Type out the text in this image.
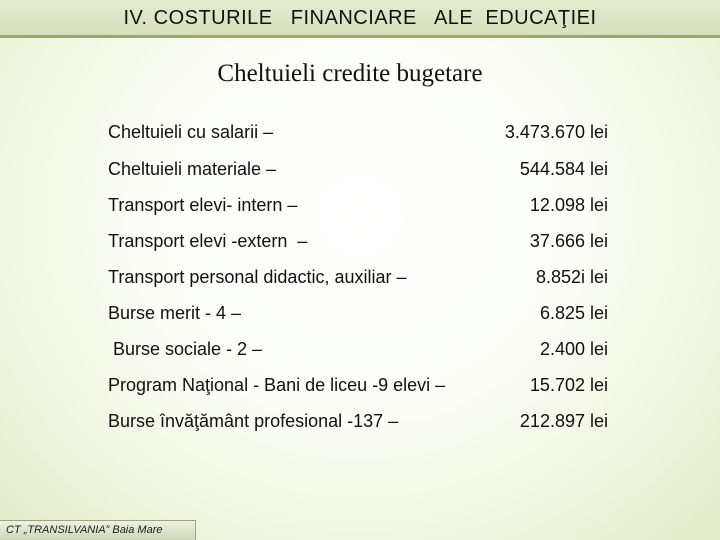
IV. COSTURILE   FINANCIARE   ALE  EDUCAŢIEI
Cheltuieli credite bugetare
Cheltuieli cu salarii –	3.473.670 lei
Cheltuieli materiale –	544.584 lei
Transport elevi- intern –	12.098 lei
Transport elevi -extern  –	37.666 lei
Transport personal didactic, auxiliar –	8.852i lei
Burse merit - 4 –	6.825 lei
Burse sociale - 2 –	2.400 lei
Program Naţional - Bani de liceu -9 elevi –	15.702 lei
Burse învăţământ profesional -137 –	212.897 lei
CT „TRANSILVANIA” Baia Mare
